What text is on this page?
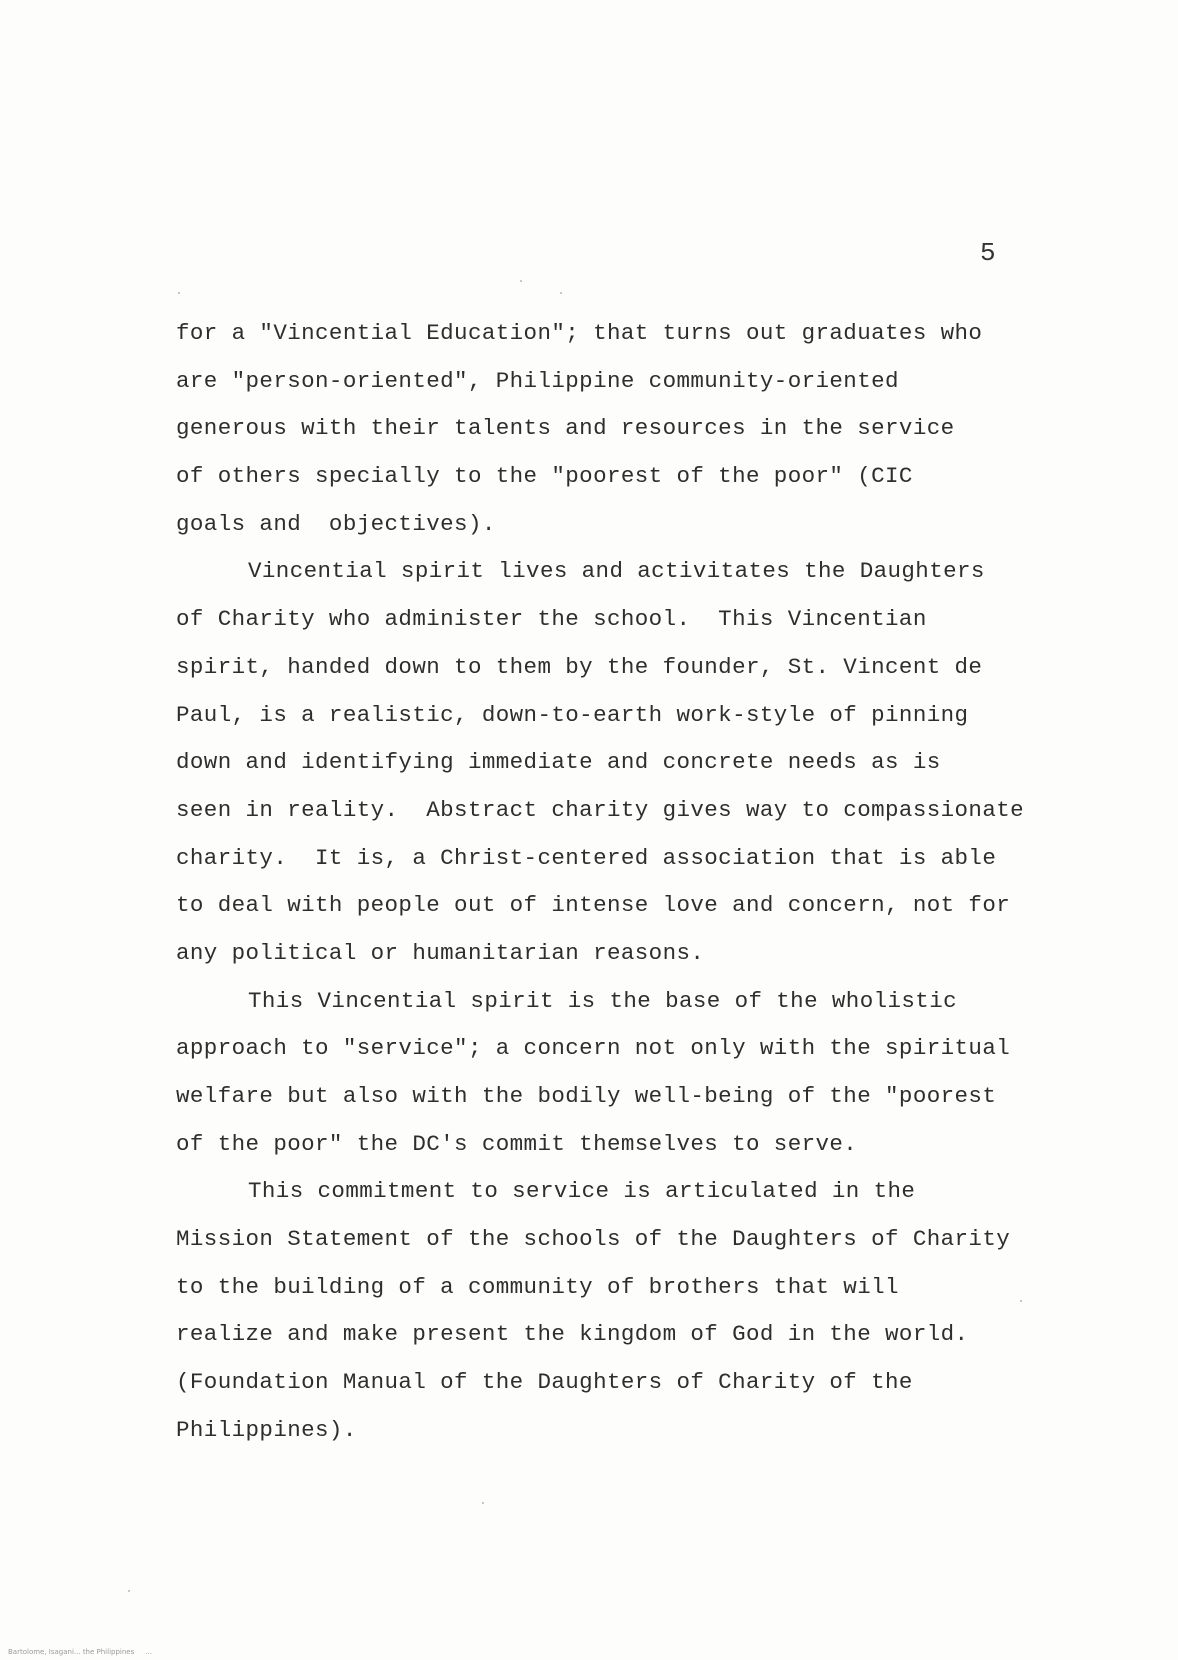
5
for a "Vincential Education"; that turns out graduates who
are "person-oriented", Philippine community-oriented
generous with their talents and resources in the service
of others specially to the "poorest of the poor" (CIC
goals and  objectives).
Vincential spirit lives and activitates the Daughters
of Charity who administer the school.  This Vincentian
spirit, handed down to them by the founder, St. Vincent de
Paul, is a realistic, down-to-earth work-style of pinning
down and identifying immediate and concrete needs as is
seen in reality.  Abstract charity gives way to compassionate
charity.  It is, a Christ-centered association that is able
to deal with people out of intense love and concern, not for
any political or humanitarian reasons.
This Vincential spirit is the base of the wholistic
approach to "service"; a concern not only with the spiritual
welfare but also with the bodily well-being of the "poorest
of the poor" the DC's commit themselves to serve.
This commitment to service is articulated in the
Mission Statement of the schools of the Daughters of Charity
to the building of a community of brothers that will
realize and make present the kingdom of God in the world.
(Foundation Manual of the Daughters of Charity of the
Philippines).
Bartolome, Isagani... the Philippines     ...
